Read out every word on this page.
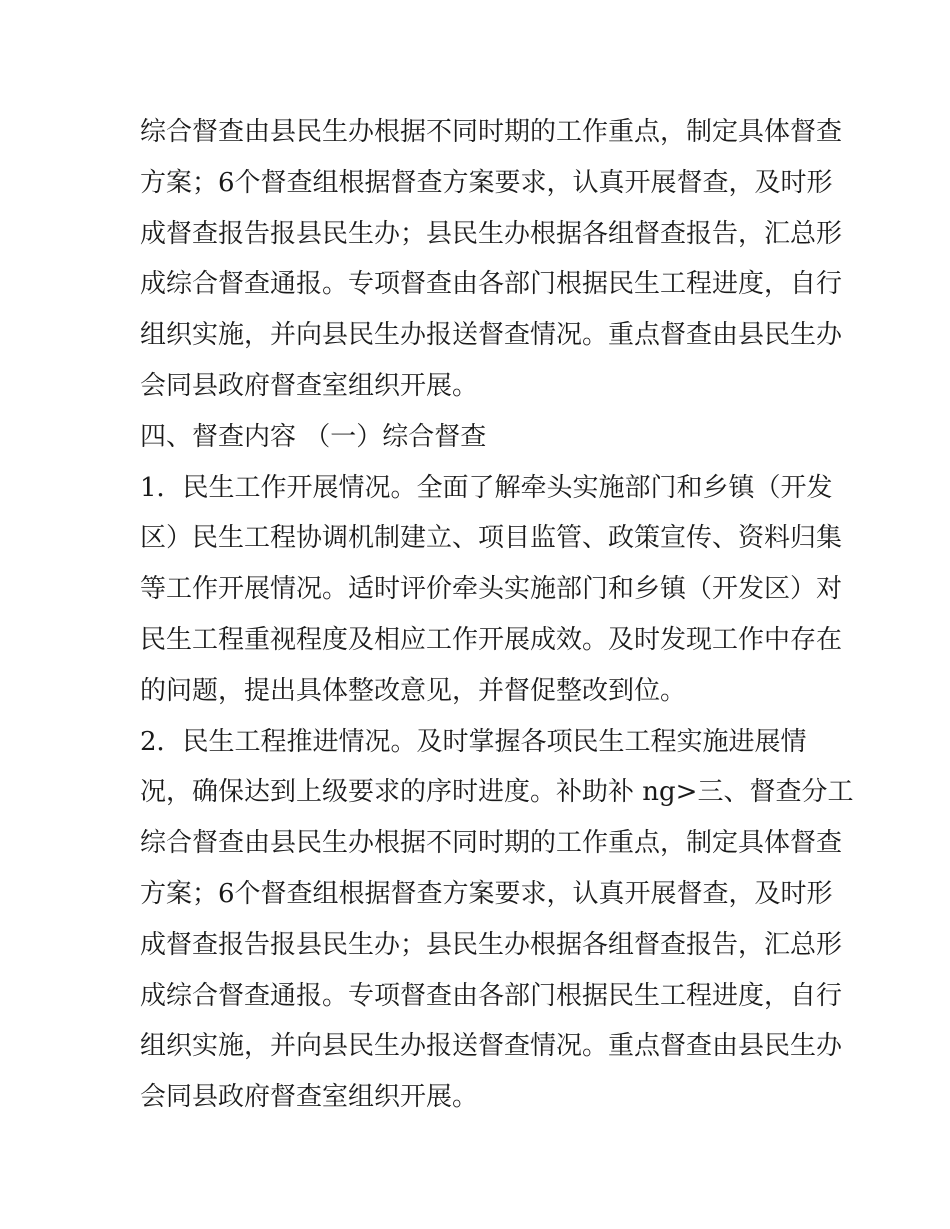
综合督查由县民生办根据不同时期的工作重点，制定具体督查
方案；6个督查组根据督查方案要求，认真开展督查，及时形
成督查报告报县民生办；县民生办根据各组督查报告，汇总形
成综合督查通报。专项督查由各部门根据民生工程进度，自行
组织实施，并向县民生办报送督查情况。重点督查由县民生办
会同县政府督查室组织开展。
四、督查内容 （一）综合督查
1．民生工作开展情况。全面了解牵头实施部门和乡镇（开发
区）民生工程协调机制建立、项目监管、政策宣传、资料归集
等工作开展情况。适时评价牵头实施部门和乡镇（开发区）对
民生工程重视程度及相应工作开展成效。及时发现工作中存在
的问题，提出具体整改意见，并督促整改到位。
2．民生工程推进情况。及时掌握各项民生工程实施进展情
况，确保达到上级要求的序时进度。补助补 ng>三、督查分工
综合督查由县民生办根据不同时期的工作重点，制定具体督查
方案；6个督查组根据督查方案要求，认真开展督查，及时形
成督查报告报县民生办；县民生办根据各组督查报告，汇总形
成综合督查通报。专项督查由各部门根据民生工程进度，自行
组织实施，并向县民生办报送督查情况。重点督查由县民生办
会同县政府督查室组织开展。
